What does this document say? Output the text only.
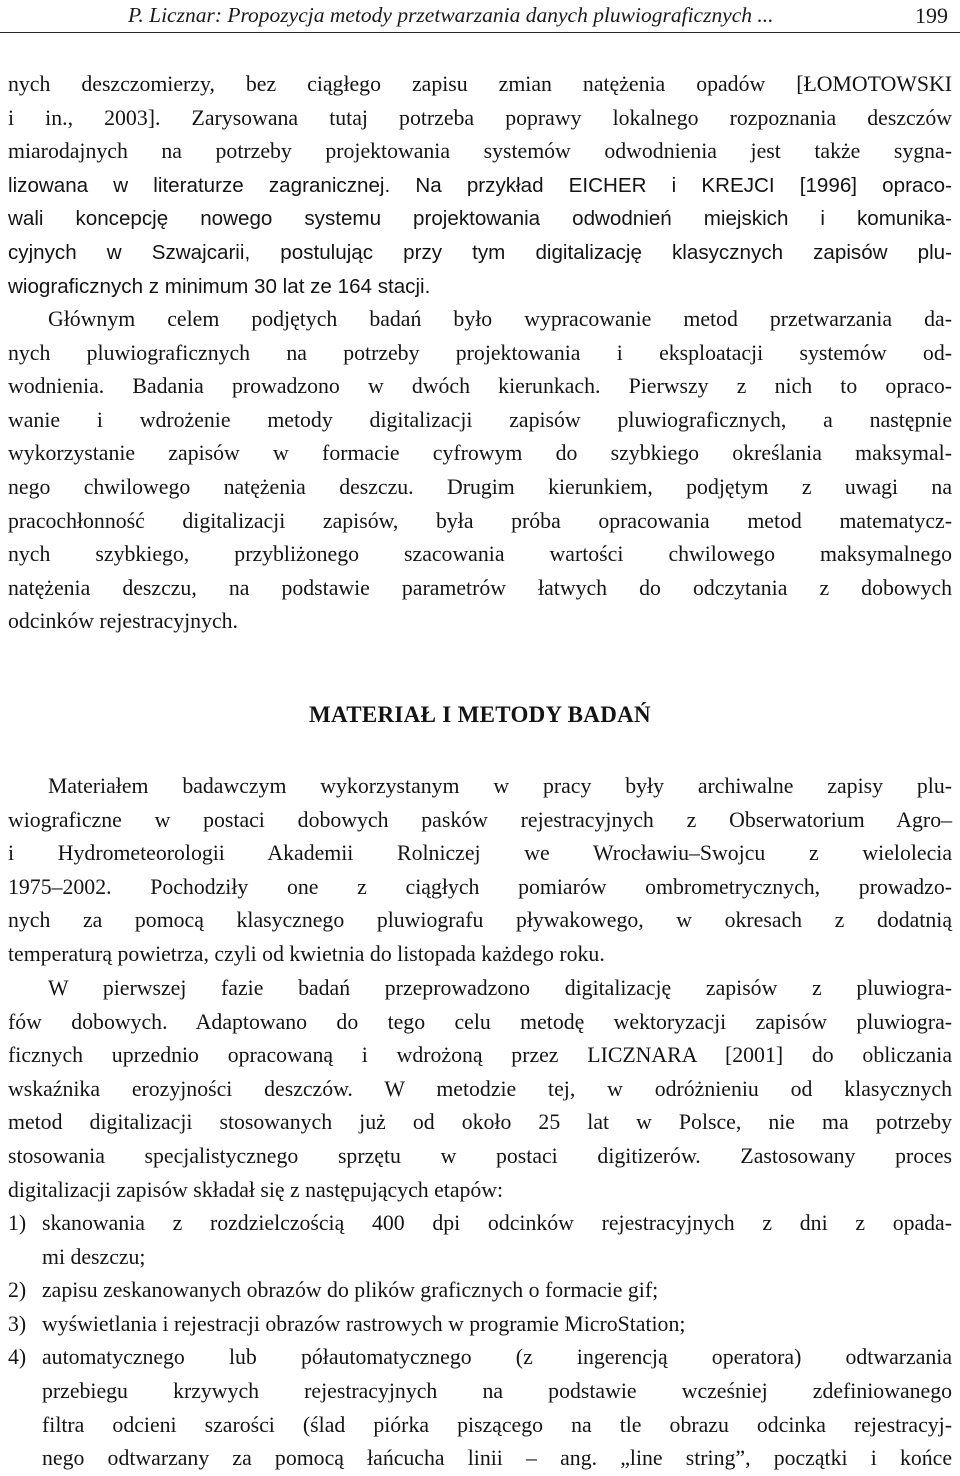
P. Licznar: Propozycja metody przetwarzania danych pluwiograficznych ...	199
nych deszczomierzy, bez ciągłego zapisu zmian natężenia opadów [ŁOMOTOWSKI
i in., 2003]. Zarysowana tutaj potrzeba poprawy lokalnego rozpoznania deszczów
miarodajnych na potrzeby projektowania systemów odwodnienia jest także sygna-
lizowana w literaturze zagranicznej. Na przykład EICHER i KREJCI [1996] opraco-
wali koncepcję nowego systemu projektowania odwodnień miejskich i komunika-
cyjnych w Szwajcarii, postulując przy tym digitalizację klasycznych zapisów plu-
wiograficznych z minimum 30 lat ze 164 stacji.
Głównym celem podjętych badań było wypracowanie metod przetwarzania da-
nych pluwiograficznych na potrzeby projektowania i eksploatacji systemów od-
wodnienia. Badania prowadzono w dwóch kierunkach. Pierwszy z nich to opraco-
wanie i wdrożenie metody digitalizacji zapisów pluwiograficznych, a następnie
wykorzystanie zapisów w formacie cyfrowym do szybkiego określania maksymal-
nego chwilowego natężenia deszczu. Drugim kierunkiem, podjętym z uwagi na
pracochłonność digitalizacji zapisów, była próba opracowania metod matematycz-
nych szybkiego, przybliżonego szacowania wartości chwilowego maksymalnego
natężenia deszczu, na podstawie parametrów łatwych do odczytania z dobowych
odcinków rejestracyjnych.
MATERIAŁ I METODY BADAŃ
Materiałem badawczym wykorzystanym w pracy były archiwalne zapisy plu-
wiograficzne w postaci dobowych pasków rejestracyjnych z Obserwatorium Agro–
i Hydrometeorologii Akademii Rolniczej we Wrocławiu–Swojcu z wielolecia
1975–2002. Pochodziły one z ciągłych pomiarów ombrometrycznych, prowadzo-
nych za pomocą klasycznego pluwiografu pływakowego, w okresach z dodatnią
temperaturą powietrza, czyli od kwietnia do listopada każdego roku.
W pierwszej fazie badań przeprowadzono digitalizację zapisów z pluwiogra-
fów dobowych. Adaptowano do tego celu metodę wektoryzacji zapisów pluwiogra-
ficznych uprzednio opracowaną i wdrożoną przez LICZNARA [2001] do obliczania
wskaźnika erozyjności deszczów. W metodzie tej, w odróżnieniu od klasycznych
metod digitalizacji stosowanych już od około 25 lat w Polsce, nie ma potrzeby
stosowania specjalistycznego sprzętu w postaci digitizerów. Zastosowany proces
digitalizacji zapisów składał się z następujących etapów:
1) skanowania z rozdzielczością 400 dpi odcinków rejestracyjnych z dni z opada-
mi deszczu;
2) zapisu zeskanowanych obrazów do plików graficznych o formacie gif;
3) wyświetlania i rejestracji obrazów rastrowych w programie MicroStation;
4) automatycznego lub półautomatycznego (z ingerencją operatora) odtwarzania
przebiegu krzywych rejestracyjnych na podstawie wcześniej zdefiniowanego
filtra odcieni szarości (ślad piórka piszącego na tle obrazu odcinka rejestracyj-
nego odtwarzany za pomocą łańcucha linii – ang. „line string”, początki i końce
